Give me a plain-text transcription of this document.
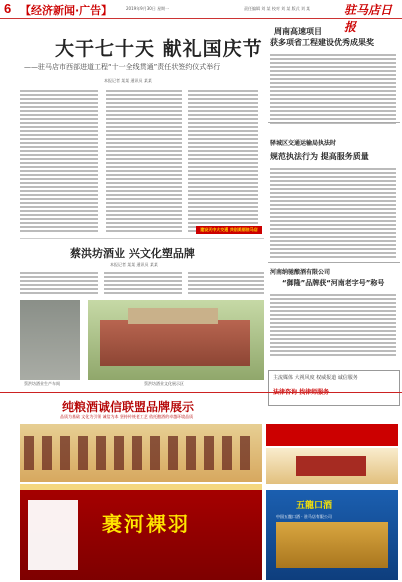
6 【经济新闻·广告】	2019年9月30日 星期一	责任编辑 刘 某 校对 刘 某 版式 刘 某	驻马店日报
大干七十天 献礼国庆节
——驻马店市西部进道工程“十一全线贯通”责任状签约仪式举行
本报记者 某某 通讯员 某某
建设天中大交通 共创美丽驻马店
周南高速项目
获多项省工程建设优秀成果奖
驿城区交通运输局执法时
规范执法行为 提高服务质量
河南纳驰酿酒有限公司
“御隆”品牌获“河南老字号”称号
主流媒体 大视风度 权威报道 诚信服务
蔡洪坊酒业 兴文化塑品牌
本报记者 某某 通讯员 某某
蔡洪坊酒业生产车间	蔡洪坊酒业文化展示区
纯粮酒诚信联盟品牌展示
品质为基础 文化为引领 诚信为本 坚持传统老工艺 依托酿酒的卓越环境品质
裹河裸羽
五龍口酒
中国五龍口酒 · 驻马店有限公司
